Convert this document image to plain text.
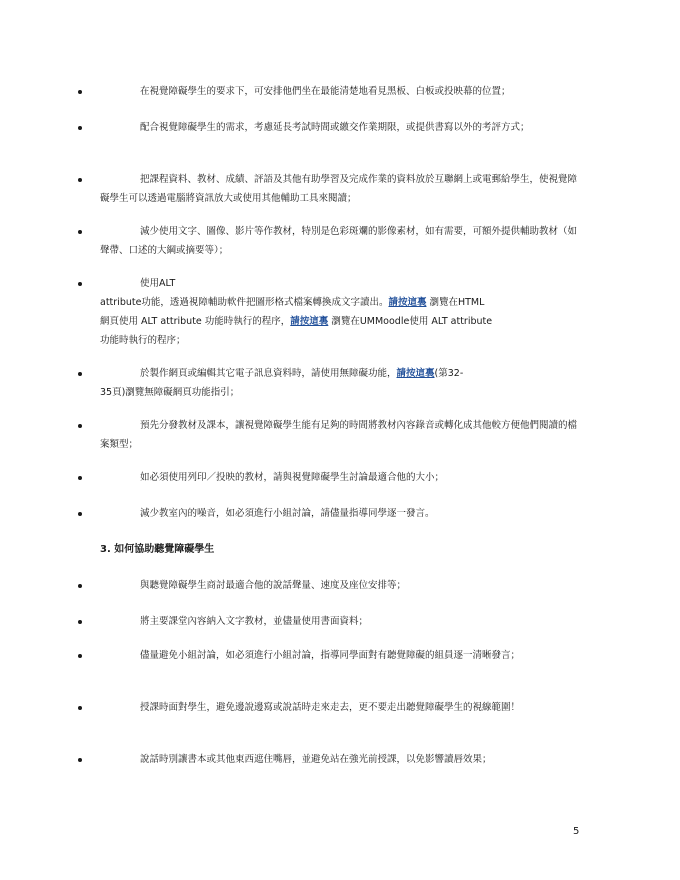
在視覺障礙學生的要求下，可安排他們坐在最能清楚地看見黑板、白板或投映幕的位置；
配合視覺障礙學生的需求，考慮延長考試時間或繳交作業期限，或提供書寫以外的考評方式；
把課程資料、教材、成績、評語及其他有助學習及完成作業的資料放於互聯網上或電郵給學生，使視覺障礙學生可以透過電腦將資訊放大或使用其他輔助工具來閱讀；
減少使用文字、圖像、影片等作教材，特別是色彩斑斕的影像素材，如有需要，可額外提供輔助教材（如聲帶、口述的大綱或摘要等）；
使用ALT
attribute功能，透過視障輔助軟件把圖形格式檔案轉換成文字讀出。請按這裏 瀏覽在HTML
網頁使用 ALT attribute 功能時執行的程序，請按這裏 瀏覽在UMMoodle使用 ALT attribute
功能時執行的程序；
於製作網頁或編輯其它電子訊息資料時，請使用無障礙功能，請按這裏(第32-
35頁)瀏覽無障礙網頁功能指引；
預先分發教材及課本，讓視覺障礙學生能有足夠的時間將教材內容錄音或轉化成其他較方便他們閱讀的檔案類型；
如必須使用列印／投映的教材，請與視覺障礙學生討論最適合他的大小；
減少教室內的噪音，如必須進行小組討論，請儘量指導同學逐一發言。
3. 如何協助聽覺障礙學生
與聽覺障礙學生商討最適合他的說話聲量、速度及座位安排等；
將主要課堂內容納入文字教材，並儘量使用書面資料；
儘量避免小組討論，如必須進行小組討論，指導同學面對有聽覺障礙的組員逐一清晰發言；
授課時面對學生，避免邊說邊寫或說話時走來走去，更不要走出聽覺障礙學生的視線範圍！
說話時別讓書本或其他東西遮住嘴唇，並避免站在強光前授課，以免影響讀唇效果；
5
